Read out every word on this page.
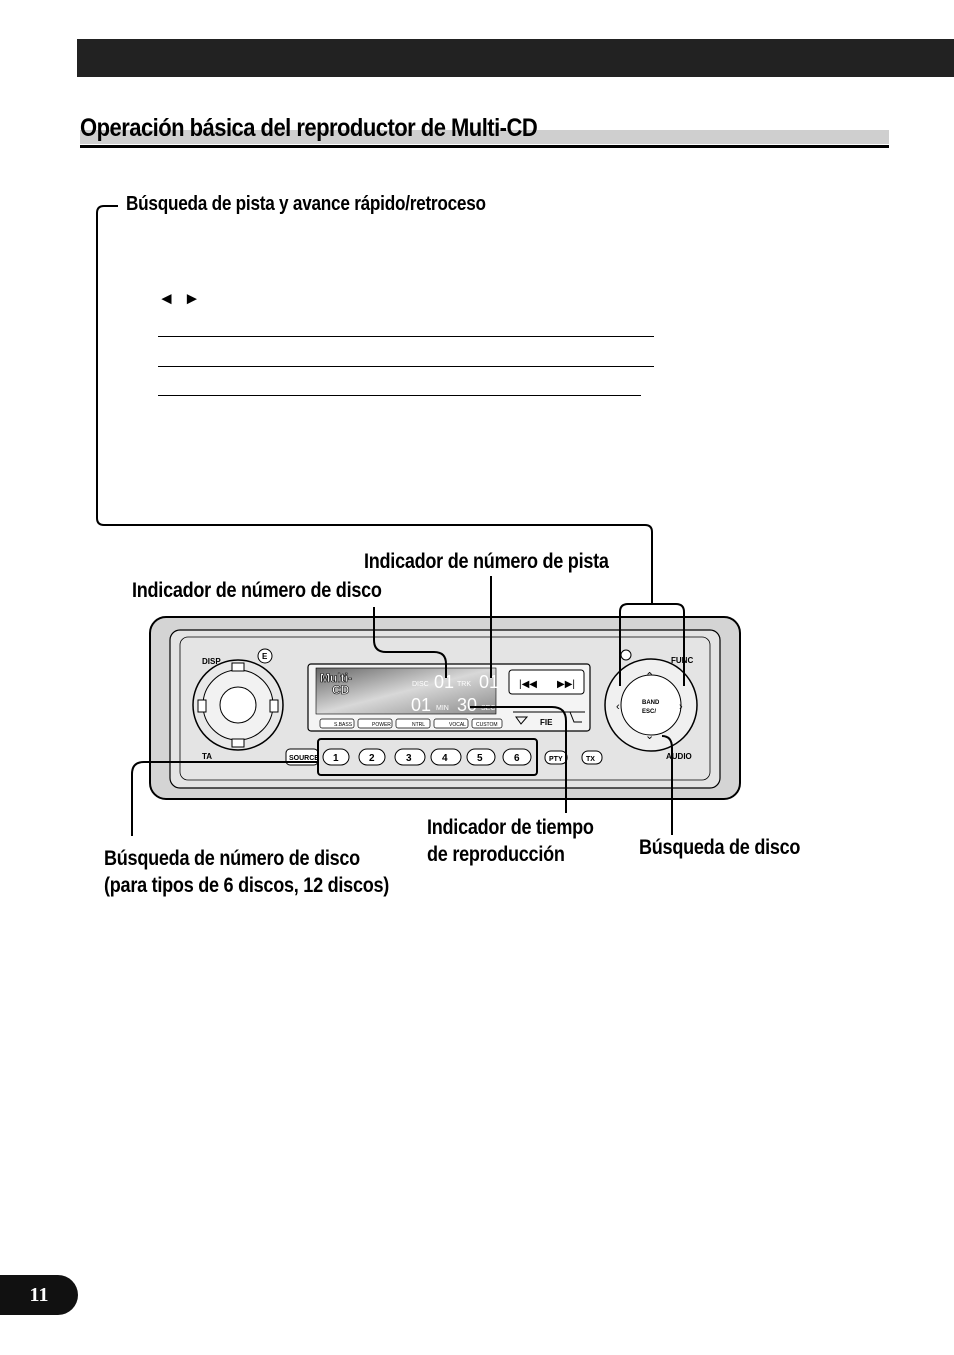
Operación básica del reproductor de Multi-CD
Búsqueda de pista y avance rápido/retroceso
◄ ►
DISP
E
TA
Multi-
CD	DISC 01 TRK 01
01 MIN 30 SEC
|◀◀ ▶▶|
FIE
S.BASS	POWER	NTRL	VOCAL CUSTOM
BAND
ESC/
⌃
⌄
‹	›
FUNC
AUDIO
SOURCE 1	2	3	4	5	6	PTY	TX
Indicador de número de pista
Indicador de número de disco
Indicador de tiempo
de reproducción	Búsqueda de disco
Búsqueda de número de disco
(para tipos de 6 discos, 12 discos)
11
